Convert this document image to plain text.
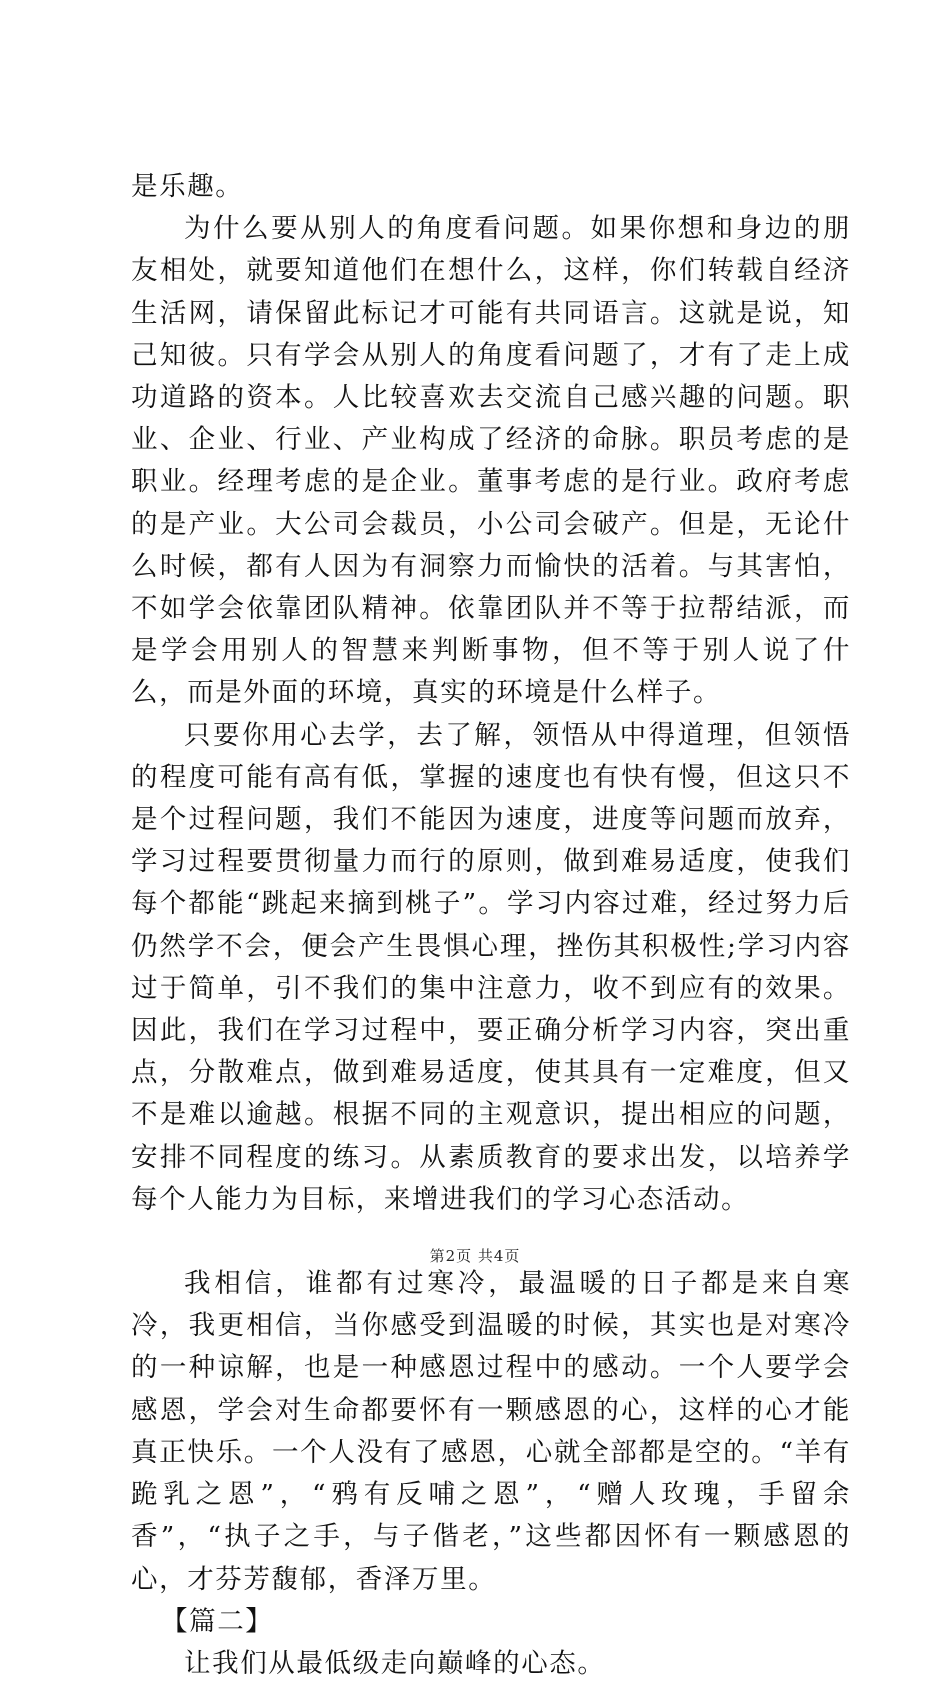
是乐趣。

为什么要从别人的角度看问题。如果你想和身边的朋友相处，就要知道他们在想什么，这样，你们转载自经济生活网，请保留此标记才可能有共同语言。这就是说，知己知彼。只有学会从别人的角度看问题了，才有了走上成功道路的资本。人比较喜欢去交流自己感兴趣的问题。职业、企业、行业、产业构成了经济的命脉。职员考虑的是职业。经理考虑的是企业。董事考虑的是行业。政府考虑的是产业。大公司会裁员，小公司会破产。但是，无论什么时候，都有人因为有洞察力而愉快的活着。与其害怕，不如学会依靠团队精神。依靠团队并不等于拉帮结派，而是学会用别人的智慧来判断事物，但不等于别人说了什么，而是外面的环境，真实的环境是什么样子。

只要你用心去学，去了解，领悟从中得道理，但领悟的程度可能有高有低，掌握的速度也有快有慢，但这只不是个过程问题，我们不能因为速度，进度等问题而放弃，学习过程要贯彻量力而行的原则，做到难易适度，使我们每个都能“跳起来摘到桃子”。学习内容过难，经过努力后仍然学不会，便会产生畏惧心理，挫伤其积极性;学习内容过于简单，引不我们的集中注意力，收不到应有的效果。因此，我们在学习过程中，要正确分析学习内容，突出重点，分散难点，做到难易适度，使其具有一定难度，但又不是难以逾越。根据不同的主观意识，提出相应的问题，安排不同程度的练习。从素质教育的要求出发，以培养学每个人能力为目标，来增进我们的学习心态活动。

我相信，谁都有过寒冷，最温暖的日子都是来自寒冷，我更相信，当你感受到温暖的时候，其实也是对寒冷的一种谅解，也是一种感恩过程中的感动。一个人要学会感恩，学会对生命都要怀有一颗感恩的心，这样的心才能真正快乐。一个人没有了感恩，心就全部都是空的。“羊有跪乳之恩”，“鸦有反哺之恩”，“赠人玫瑰，手留余香”，“执子之手，与子偕老，”这些都因怀有一颗感恩的心，才芬芳馥郁，香泽万里。

【篇二】

让我们从最低级走向巅峰的心态。

第2页 共4页
